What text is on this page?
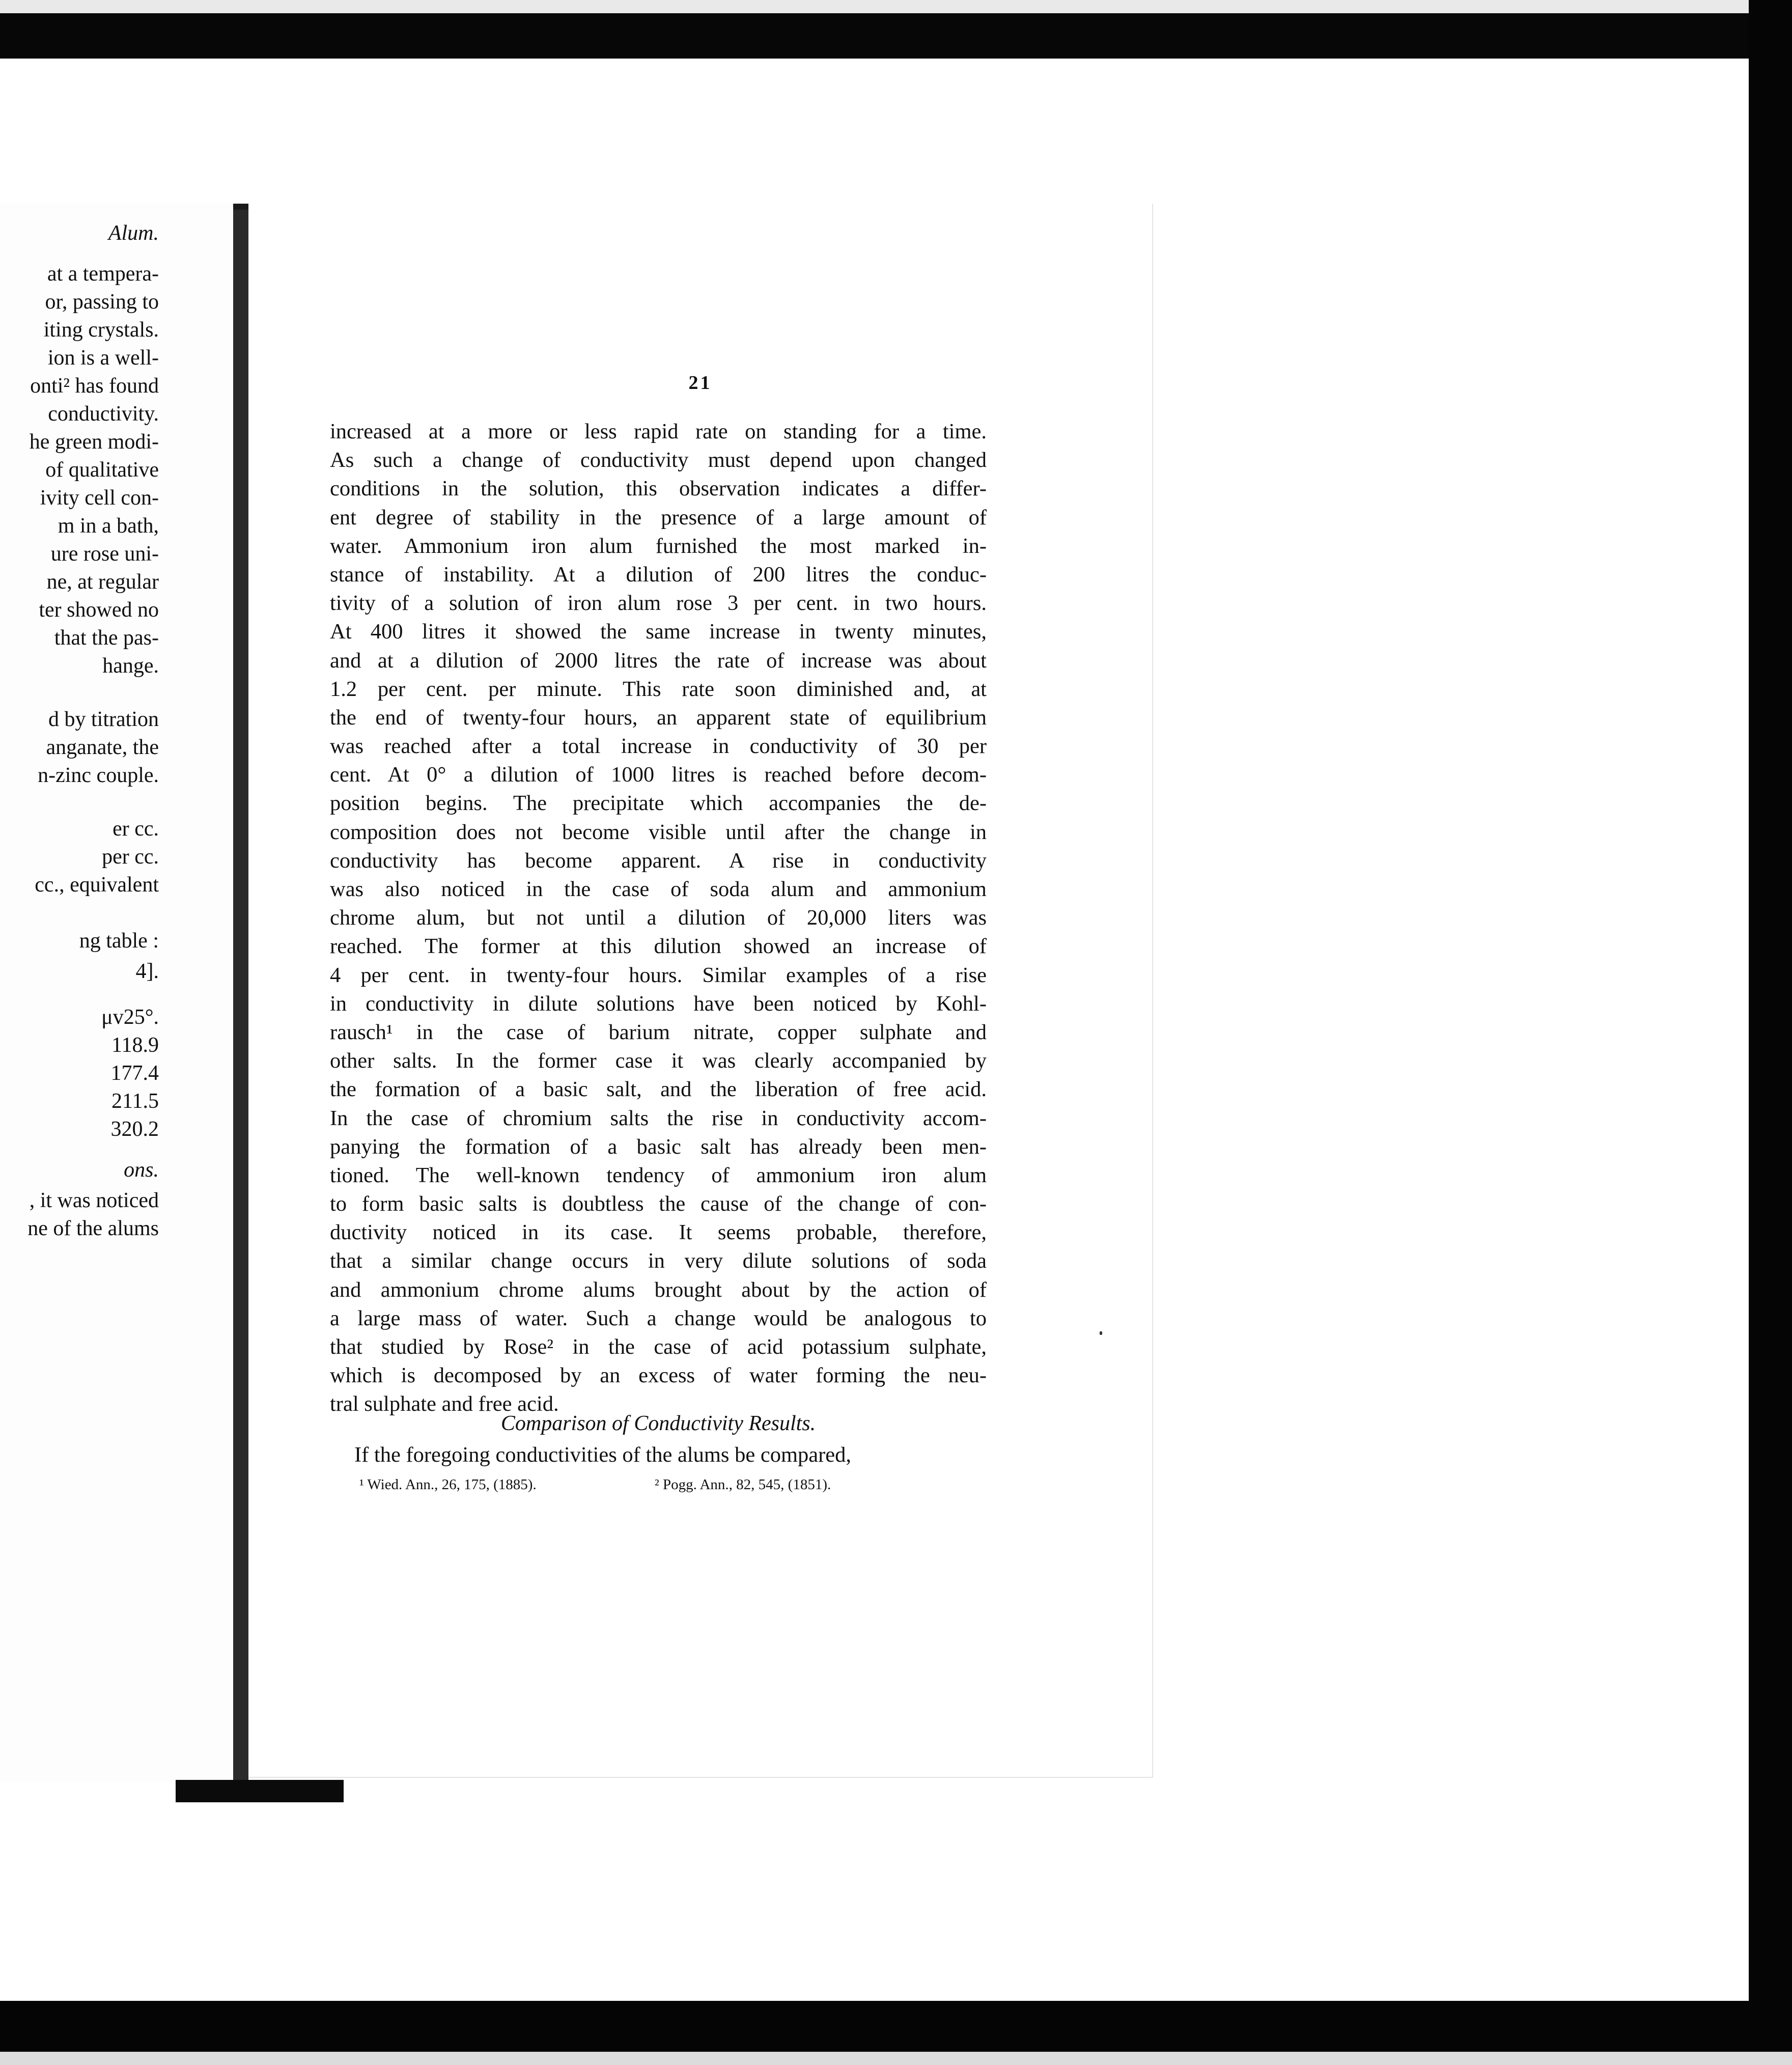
Alum.
at a tempera-
or, passing to
iting crystals.
ion is a well-
onti² has found
conductivity.
he green modi-
of qualitative
ivity cell con-
m in a bath,
ure rose uni-
ne, at regular
ter showed no
that the pas-
hange.
d by titration
anganate, the
n-zinc couple.
er cc.
per cc.
cc., equivalent
ng table :
4].
μv25°.
118.9
177.4
211.5
320.2
ons.
, it was noticed
ne of the alums
21
increased at a more or less rapid rate on standing for a time.
As such a change of conductivity must depend upon changed
conditions in the solution, this observation indicates a differ-
ent degree of stability in the presence of a large amount of
water. Ammonium iron alum furnished the most marked in-
stance of instability. At a dilution of 200 litres the conduc-
tivity of a solution of iron alum rose 3 per cent. in two hours.
At 400 litres it showed the same increase in twenty minutes,
and at a dilution of 2000 litres the rate of increase was about
1.2 per cent. per minute. This rate soon diminished and, at
the end of twenty-four hours, an apparent state of equilibrium
was reached after a total increase in conductivity of 30 per
cent. At 0° a dilution of 1000 litres is reached before decom-
position begins. The precipitate which accompanies the de-
composition does not become visible until after the change in
conductivity has become apparent. A rise in conductivity
was also noticed in the case of soda alum and ammonium
chrome alum, but not until a dilution of 20,000 liters was
reached. The former at this dilution showed an increase of
4 per cent. in twenty-four hours. Similar examples of a rise
in conductivity in dilute solutions have been noticed by Kohl-
rausch¹ in the case of barium nitrate, copper sulphate and
other salts. In the former case it was clearly accompanied by
the formation of a basic salt, and the liberation of free acid.
In the case of chromium salts the rise in conductivity accom-
panying the formation of a basic salt has already been men-
tioned. The well-known tendency of ammonium iron alum
to form basic salts is doubtless the cause of the change of con-
ductivity noticed in its case. It seems probable, therefore,
that a similar change occurs in very dilute solutions of soda
and ammonium chrome alums brought about by the action of
a large mass of water. Such a change would be analogous to
that studied by Rose² in the case of acid potassium sulphate,
which is decomposed by an excess of water forming the neu-
tral sulphate and free acid.
Comparison of Conductivity Results.
If the foregoing conductivities of the alums be compared,
¹ Wied. Ann., 26, 175, (1885).	² Pogg. Ann., 82, 545, (1851).
